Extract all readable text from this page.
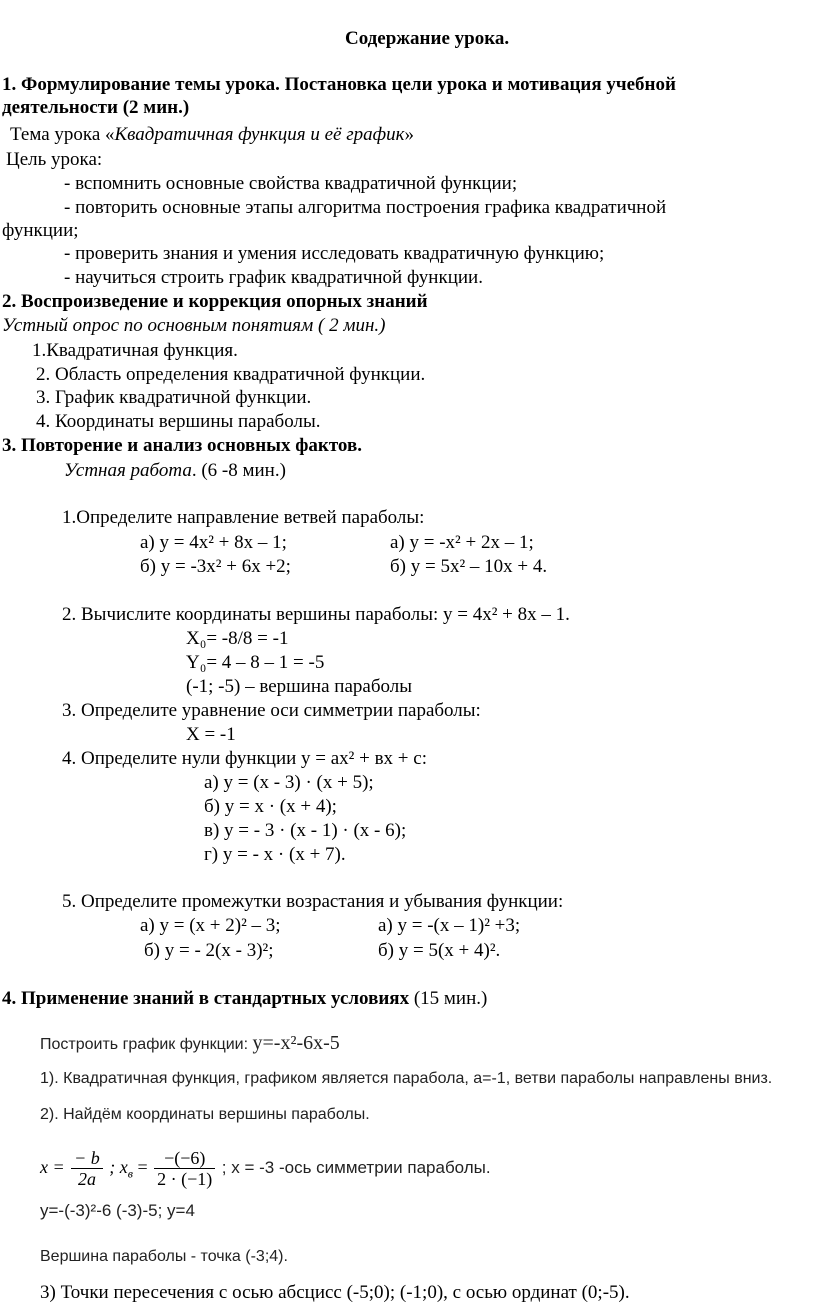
Содержание урока.
1. Формулирование темы урока. Постановка цели урока и мотивация учебной
деятельности (2 мин.)
Тема урока «Квадратичная функция и её график»
Цель урока:
- вспомнить основные свойства квадратичной функции;
- повторить основные этапы алгоритма построения графика квадратичной
функции;
- проверить знания и умения исследовать квадратичную функцию;
- научиться строить график квадратичной функции.
2. Воспроизведение и коррекция опорных знаний
Устный опрос по основным понятиям ( 2 мин.)
1.Квадратичная функция.
2. Область определения квадратичной функции.
3. График квадратичной функции.
4. Координаты вершины параболы.
3. Повторение и анализ основных фактов.
Устная работа. (6 -8 мин.)
1.Определите направление ветвей параболы:
а) у = 4х² + 8х – 1;	а) у = -х² + 2х – 1;
б) у = -3х² + 6х +2;	б) у = 5х² – 10х + 4.
2. Вычислите координаты вершины параболы: у = 4х² + 8х – 1.
Х₀= -8/8 = -1
Y₀= 4 – 8 – 1 = -5
(-1; -5) – вершина параболы
3. Определите уравнение оси симметрии параболы:
Х = -1
4. Определите нули функции у = ах² + вх + с:
а) у = (х - 3) · (х + 5);
б) у = х · (х + 4);
в) у = - 3 · (х - 1) · (х - 6);
г) у = - х · (х + 7).
5. Определите промежутки возрастания и убывания функции:
а) у = (х + 2)² – 3;	а) у = -(х – 1)² +3;
б) у = - 2(х - 3)²;	б) у = 5(х + 4)².
4. Применение знаний в стандартных условиях (15 мин.)
Построить график функции: у=-х²-6х-5
1). Квадратичная функция, графиком является парабола, а=-1, ветви параболы направлены вниз.
2). Найдём координаты вершины параболы.
$x = \frac{- b}{2a}$ ; $x_в = \frac{-(-6)}{2 \cdot (-1)}$ ; х = -3 -ось симметрии параболы.
у=-(-3)²-6 (-3)-5; у=4
Вершина параболы - точка (-3;4).
3) Точки пересечения с осью абсцисс (-5;0); (-1;0), с осью ординат (0;-5).
